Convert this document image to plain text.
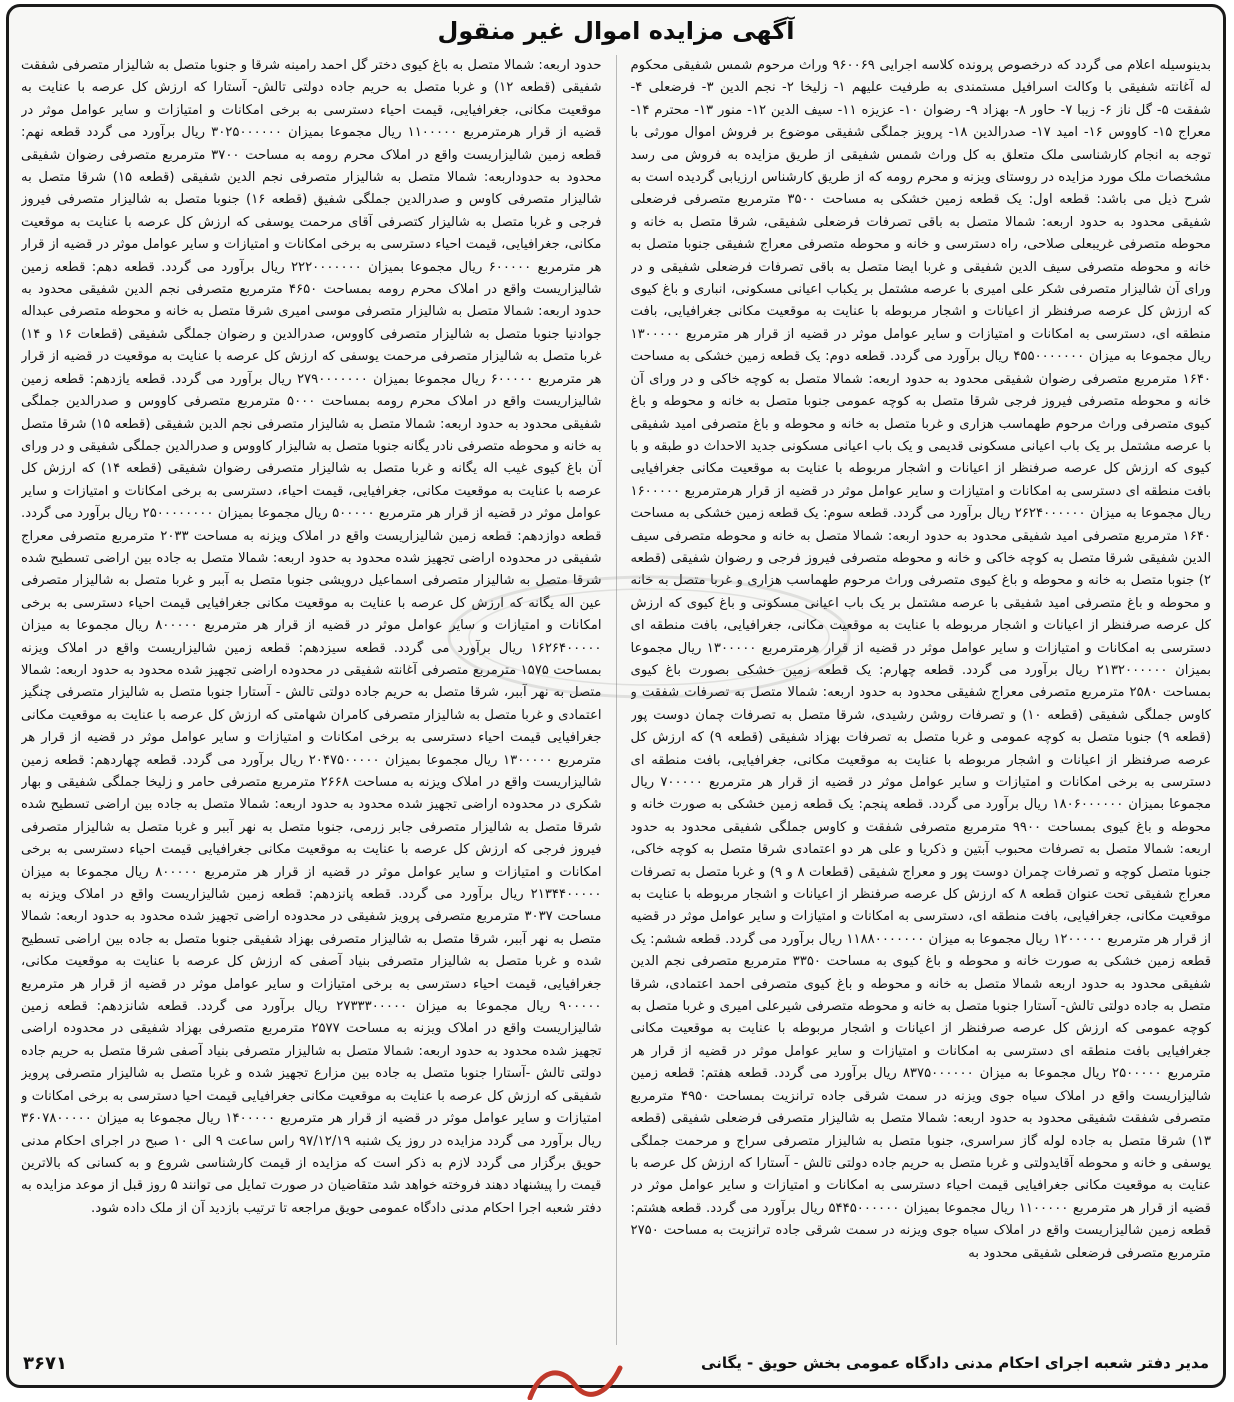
آگهی مزایده اموال غیر منقول
بدینوسیله اعلام می گردد که درخصوص پرونده کلاسه اجرایی ۹۶۰۰۶۹ وراث مرحوم شمس شفیقی محکوم له آغانته شفیقی با وکالت اسرافیل مستمندی به طرفیت علیهم ۱- زلیخا ۲- نجم الدین ۳- فرضعلی ۴- شفقت ۵- گل ناز ۶- زیبا ۷- حاور ۸- بهزاد ۹- رضوان ۱۰- عزیزه ۱۱- سیف الدین ۱۲- منور ۱۳- محترم ۱۴- معراج ۱۵- کاووس ۱۶- امید ۱۷- صدرالدین ۱۸- پرویز جملگی شفیقی موضوع بر فروش اموال مورثی با توجه به انجام کارشناسی ملک متعلق به کل وراث شمس شفیقی از طریق مزایده به فروش می رسد مشخصات ملک مورد مزایده در روستای ویزنه و محرم رومه که از طریق کارشناس ارزیابی گردیده است به شرح ذیل می باشد: قطعه اول: یک قطعه زمین خشکی به مساحت ۳۵۰۰ مترمربع متصرفی فرضعلی شفیقی محدود به حدود اربعه: شمالا متصل به باقی تصرفات فرضعلی شفیقی، شرقا متصل به خانه و محوطه متصرفی غریبعلی صلاحی، راه دسترسی و خانه و محوطه متصرفی معراج شفیقی جنوبا متصل به خانه و محوطه متصرفی سیف الدین شفیقی و غربا ایضا متصل به باقی تصرفات فرضعلی شفیقی و در ورای آن شالیزار متصرفی شکر علی امیری با عرصه مشتمل بر یکباب اعیانی مسکونی، انباری و باغ کیوی که ارزش کل عرصه صرفنظر از اعیانات و اشجار مربوطه با عنایت به موقعیت مکانی جغرافیایی، بافت منطقه ای، دسترسی به امکانات و امتیازات و سایر عوامل موثر در قضیه از قرار هر مترمربع ۱۳۰۰۰۰۰ ریال مجموعا به میزان ۴۵۵۰۰۰۰۰۰۰ ریال برآورد می گردد. قطعه دوم: یک قطعه زمین خشکی به مساحت ۱۶۴۰ مترمربع متصرفی رضوان شفیقی محدود به حدود اربعه: شمالا متصل به کوچه خاکی و در ورای آن خانه و محوطه متصرفی فیروز فرجی شرقا متصل به کوچه عمومی جنوبا متصل به خانه و محوطه و باغ کیوی متصرفی وراث مرحوم طهماسب هزاری و غربا متصل به خانه و محوطه و باغ متصرفی امید شفیقی با عرصه مشتمل بر یک باب اعیانی مسکونی قدیمی و یک باب اعیانی مسکونی جدید الاحداث دو طبقه و با کیوی که ارزش کل عرصه صرفنظر از اعیانات و اشجار مربوطه با عنایت به موقعیت مکانی جغرافیایی بافت منطقه ای دسترسی به امکانات و امتیازات و سایر عوامل موثر در قضیه از قرار هرمترمربع ۱۶۰۰۰۰۰ ریال مجموعا به میزان ۲۶۲۴۰۰۰۰۰۰ ریال برآورد می گردد. قطعه سوم: یک قطعه زمین خشکی به مساحت ۱۶۴۰ مترمربع متصرفی امید شفیقی محدود به حدود اربعه: شمالا متصل به خانه و محوطه متصرفی سیف الدین شفیقی شرقا متصل به کوچه خاکی و خانه و محوطه متصرفی فیروز فرجی و رضوان شفیقی (قطعه ۲) جنوبا متصل به خانه و محوطه و باغ کیوی متصرفی وراث مرحوم طهماسب هزاری و غربا متصل به خانه و محوطه و باغ متصرفی امید شفیقی با عرصه مشتمل بر یک باب اعیانی مسکونی و باغ کیوی که ارزش کل عرصه صرفنظر از اعیانات و اشجار مربوطه با عنایت به موقعیت مکانی، جغرافیایی، بافت منطقه ای دسترسی به امکانات و امتیازات و سایر عوامل موثر در قضیه از قرار هرمترمربع ۱۳۰۰۰۰۰ ریال مجموعا بمیزان ۲۱۳۲۰۰۰۰۰۰ ریال برآورد می گردد. قطعه چهارم: یک قطعه زمین خشکی بصورت باغ کیوی بمساحت ۲۵۸۰ مترمربع متصرفی معراج شفیقی محدود به حدود اربعه: شمالا متصل به تصرفات شفقت و کاوس جملگی شفیقی (قطعه ۱۰) و تصرفات روشن رشیدی، شرقا متصل به تصرفات چمان دوست پور (قطعه ۹) جنوبا متصل به کوچه عمومی و غربا متصل به تصرفات بهزاد شفیقی (قطعه ۹) که ارزش کل عرصه صرفنظر از اعیانات و اشجار مربوطه با عنایت به موقعیت مکانی، جغرافیایی، بافت منطقه ای دسترسی به برخی امکانات و امتیازات و سایر عوامل موثر در قضیه از قرار هر مترمربع ۷۰۰۰۰۰ ریال مجموعا بمیزان ۱۸۰۶۰۰۰۰۰۰ ریال برآورد می گردد. قطعه پنجم: یک قطعه زمین خشکی به صورت خانه و محوطه و باغ کیوی بمساحت ۹۹۰۰ مترمربع متصرفی شفقت و کاوس جملگی شفیقی محدود به حدود اربعه: شمالا متصل به تصرفات محبوب آبتین و ذکریا و علی هر دو اعتمادی شرقا متصل به کوچه خاکی، جنوبا متصل کوچه و تصرفات چمران دوست پور و معراج شفیقی (قطعات ۸ و ۹) و غربا متصل به تصرفات معراج شفیقی تحت عنوان قطعه ۸ که ارزش کل عرصه صرفنظر از اعیانات و اشجار مربوطه با عنایت به موقعیت مکانی، جغرافیایی، بافت منطقه ای، دسترسی به امکانات و امتیازات و سایر عوامل موثر در قضیه از قرار هر مترمربع ۱۲۰۰۰۰۰ ریال مجموعا به میزان ۱۱۸۸۰۰۰۰۰۰۰ ریال برآورد می گردد. قطعه ششم: یک قطعه زمین خشکی به صورت خانه و محوطه و باغ کیوی به مساحت ۳۳۵۰ مترمربع متصرفی نجم الدین شفیقی محدود به حدود اربعه شمالا متصل به خانه و محوطه و باغ کیوی متصرفی احمد اعتمادی، شرقا متصل به جاده دولتی تالش- آستارا جنوبا متصل به خانه و محوطه متصرفی شیرعلی امیری و غربا متصل به کوچه عمومی که ارزش کل عرصه صرفنظر از اعیانات و اشجار مربوطه با عنایت به موقعیت مکانی جغرافیایی بافت منطقه ای دسترسی به امکانات و امتیازات و سایر عوامل موثر در قضیه از قرار هر مترمربع ۲۵۰۰۰۰۰ ریال مجموعا به میزان ۸۳۷۵۰۰۰۰۰۰ ریال برآورد می گردد. قطعه هفتم: قطعه زمین شالیزاریست واقع در املاک سیاه جوی ویزنه در سمت شرقی جاده ترانزیت بمساحت ۴۹۵۰ مترمربع متصرفی شفقت شفیقی محدود به حدود اربعه: شمالا متصل به شالیزار متصرفی فرضعلی شفیقی (قطعه ۱۳) شرقا متصل به جاده لوله گاز سراسری، جنوبا متصل به شالیزار متصرفی سراج و مرحمت جملگی یوسفی و خانه و محوطه آقایدولتی و غربا متصل به حریم جاده دولتی تالش - آستارا که ارزش کل عرصه با عنایت به موقعیت مکانی جغرافیایی قیمت احیاء دسترسی به امکانات و امتیازات و سایر عوامل موثر در قضیه از قرار هر مترمربع ۱۱۰۰۰۰۰ ریال مجموعا بمیزان ۵۴۴۵۰۰۰۰۰۰ ریال برآورد می گردد. قطعه هشتم: قطعه زمین شالیزاریست واقع در املاک سیاه جوی ویزنه در سمت شرقی جاده ترانزیت به مساحت ۲۷۵۰ مترمربع متصرفی فرضعلی شفیقی محدود به
حدود اربعه: شمالا متصل به باغ کیوی دختر گل احمد رامینه شرقا و جنوبا متصل به شالیزار متصرفی شفقت شفیقی (قطعه ۱۲) و غربا متصل به حریم جاده دولتی تالش- آستارا که ارزش کل عرصه با عنایت به موقعیت مکانی، جغرافیایی، قیمت احیاء دسترسی به برخی امکانات و امتیازات و سایر عوامل موثر در قضیه از قرار هرمترمربع ۱۱۰۰۰۰۰ ریال مجموعا بمیزان ۳۰۲۵۰۰۰۰۰۰ ریال برآورد می گردد قطعه نهم: قطعه زمین شالیزاریست واقع در املاک محرم رومه به مساحت ۳۷۰۰ مترمربع متصرفی رضوان شفیقی محدود به حدوداربعه: شمالا متصل به شالیزار متصرفی نجم الدین شفیقی (قطعه ۱۵) شرقا متصل به شالیزار متصرفی کاوس و صدرالدین جملگی شفیق (قطعه ۱۶) جنوبا متصل به شالیزار متصرفی فیروز فرجی و غربا متصل به شالیزار کتصرفی آقای مرحمت یوسفی که ارزش کل عرصه با عنایت به موقعیت مکانی، جغرافیایی، قیمت احیاء دسترسی به برخی امکانات و امتیازات و سایر عوامل موثر در قضیه از قرار هر مترمربع ۶۰۰۰۰۰ ریال مجموعا بمیزان ۲۲۲۰۰۰۰۰۰۰ ریال برآورد می گردد. قطعه دهم: قطعه زمین شالیزاریست واقع در املاک محرم رومه بمساحت ۴۶۵۰ مترمربع متصرفی نجم الدین شفیقی محدود به حدود اربعه: شمالا متصل به شالیزار متصرفی موسی امیری شرقا متصل به خانه و محوطه متصرفی عبداله جوادنیا جنوبا متصل به شالیزار متصرفی کاووس، صدرالدین و رضوان جملگی شفیقی (قطعات ۱۶ و ۱۴) غربا متصل به شالیزار متصرفی مرحمت یوسفی که ارزش کل عرصه با عنایت به موقعیت در قضیه از قرار هر مترمربع ۶۰۰۰۰۰ ریال مجموعا بمیزان ۲۷۹۰۰۰۰۰۰۰ ریال برآورد می گردد. قطعه یازدهم: قطعه زمین شالیزاریست واقع در املاک محرم رومه بمساحت ۵۰۰۰ مترمربع متصرفی کاووس و صدرالدین جملگی شفیقی محدود به حدود اربعه: شمالا متصل به شالیزار متصرفی نجم الدین شفیقی (قطعه ۱۵) شرقا متصل به خانه و محوطه متصرفی نادر یگانه جنوبا متصل به شالیزار کاووس و صدرالدین جملگی شفیقی و در ورای آن باغ کیوی غیب اله یگانه و غربا متصل به شالیزار متصرفی رضوان شفیقی (قطعه ۱۴) که ارزش کل عرصه با عنایت به موقعیت مکانی، جغرافیایی، قیمت احیاء، دسترسی به برخی امکانات و امتیازات و سایر عوامل موثر در قضیه از قرار هر مترمربع ۵۰۰۰۰۰ ریال مجموعا بمیزان ۲۵۰۰۰۰۰۰۰۰ ریال برآورد می گردد. قطعه دوازدهم: قطعه زمین شالیزاریست واقع در املاک ویزنه به مساحت ۲۰۳۳ مترمربع متصرفی معراج شفیقی در محدوده اراضی تجهیز شده محدود به حدود اربعه: شمالا متصل به جاده بین اراضی تسطیح شده شرقا متصل به شالیزار متصرفی اسماعیل درویشی جنوبا متصل به آببر و غربا متصل به شالیزار متصرفی عین اله یگانه که ارزش کل عرصه با عنایت به موقعیت مکانی جغرافیایی قیمت احیاء دسترسی به برخی امکانات و امتیازات و سایر عوامل موثر در قضیه از قرار هر مترمربع ۸۰۰۰۰۰ ریال مجموعا به میزان ۱۶۲۶۴۰۰۰۰۰ ریال برآورد می گردد. قطعه سیزدهم: قطعه زمین شالیزاریست واقع در املاک ویزنه بمساحت ۱۵۷۵ مترمربع متصرفی آغانته شفیقی در محدوده اراضی تجهیز شده محدود به حدود اربعه: شمالا متصل به نهر آببر، شرقا متصل به حریم جاده دولتی تالش - آستارا جنوبا متصل به شالیزار متصرفی چنگیز اعتمادی و غربا متصل به شالیزار متصرفی کامران شهامتی که ارزش کل عرصه با عنایت به موقعیت مکانی جغرافیایی قیمت احیاء دسترسی به برخی امکانات و امتیازات و سایر عوامل موثر در قضیه از قرار هر مترمربع ۱۳۰۰۰۰۰ ریال مجموعا بمیزان ۲۰۴۷۵۰۰۰۰۰ ریال برآورد می گردد. قطعه چهاردهم: قطعه زمین شالیزاریست واقع در املاک ویزنه به مساحت ۲۶۶۸ مترمربع متصرفی حامر و زلیخا جملگی شفیقی و بهار شکری در محدوده اراضی تجهیز شده محدود به حدود اربعه: شمالا متصل به جاده بین اراضی تسطیح شده شرقا متصل به شالیزار متصرفی جابر زرمی، جنوبا متصل به نهر آببر و غربا متصل به شالیزار متصرفی فیروز فرجی که ارزش کل عرصه با عنایت به موقعیت مکانی جغرافیایی قیمت احیاء دسترسی به برخی امکانات و امتیازات و سایر عوامل موثر در قضیه از قرار هر مترمربع ۸۰۰۰۰۰ ریال مجموعا به میزان ۲۱۳۴۴۰۰۰۰۰ ریال برآورد می گردد. قطعه پانزدهم: قطعه زمین شالیزاریست واقع در املاک ویزنه به مساحت ۳۰۳۷ مترمربع متصرفی پرویز شفیقی در محدوده اراضی تجهیز شده محدود به حدود اربعه: شمالا متصل به نهر آببر، شرقا متصل به شالیزار متصرفی بهزاد شفیقی جنوبا متصل به جاده بین اراضی تسطیح شده و غربا متصل به شالیزار متصرفی بنیاد آصفی که ارزش کل عرصه با عنایت به موقعیت مکانی، جغرافیایی، قیمت احیاء دسترسی به برخی امتیازات و سایر عوامل موثر در قضیه از قرار هر مترمربع ۹۰۰۰۰۰ ریال مجموعا به میزان ۲۷۳۳۳۰۰۰۰۰ ریال برآورد می گردد. قطعه شانزدهم: قطعه زمین شالیزاریست واقع در املاک ویزنه به مساحت ۲۵۷۷ مترمربع متصرفی بهزاد شفیقی در محدوده اراضی تجهیز شده محدود به حدود اربعه: شمالا متصل به شالیزار متصرفی بنیاد آصفی شرقا متصل به حریم جاده دولتی تالش -آستارا جنوبا متصل به جاده بین مزارع تجهیز شده و غربا متصل به شالیزار متصرفی پرویز شفیقی که ارزش کل عرصه با عنایت به موقعیت مکانی جغرافیایی قیمت احیا دسترسی به برخی امکانات و امتیازات و سایر عوامل موثر در قضیه از قرار هر مترمربع ۱۴۰۰۰۰۰ ریال مجموعا به میزان ۳۶۰۷۸۰۰۰۰۰ ریال برآورد می گردد مزایده در روز یک شنبه ۹۷/۱۲/۱۹ راس ساعت ۹ الی ۱۰ صبح در اجرای احکام مدنی حویق برگزار می گردد لازم به ذکر است که مزایده از قیمت کارشناسی شروع و به کسانی که بالاترین قیمت را پیشنهاد دهند فروخته خواهد شد متقاضیان در صورت تمایل می توانند ۵ روز قبل از موعد مزایده به دفتر شعبه اجرا احکام مدنی دادگاه عمومی حویق مراجعه تا ترتیب بازدید آن از ملک داده شود.
مدیر دفتر شعبه اجرای احکام مدنی دادگاه عمومی بخش حویق - یگانی
۳۶۷۱
